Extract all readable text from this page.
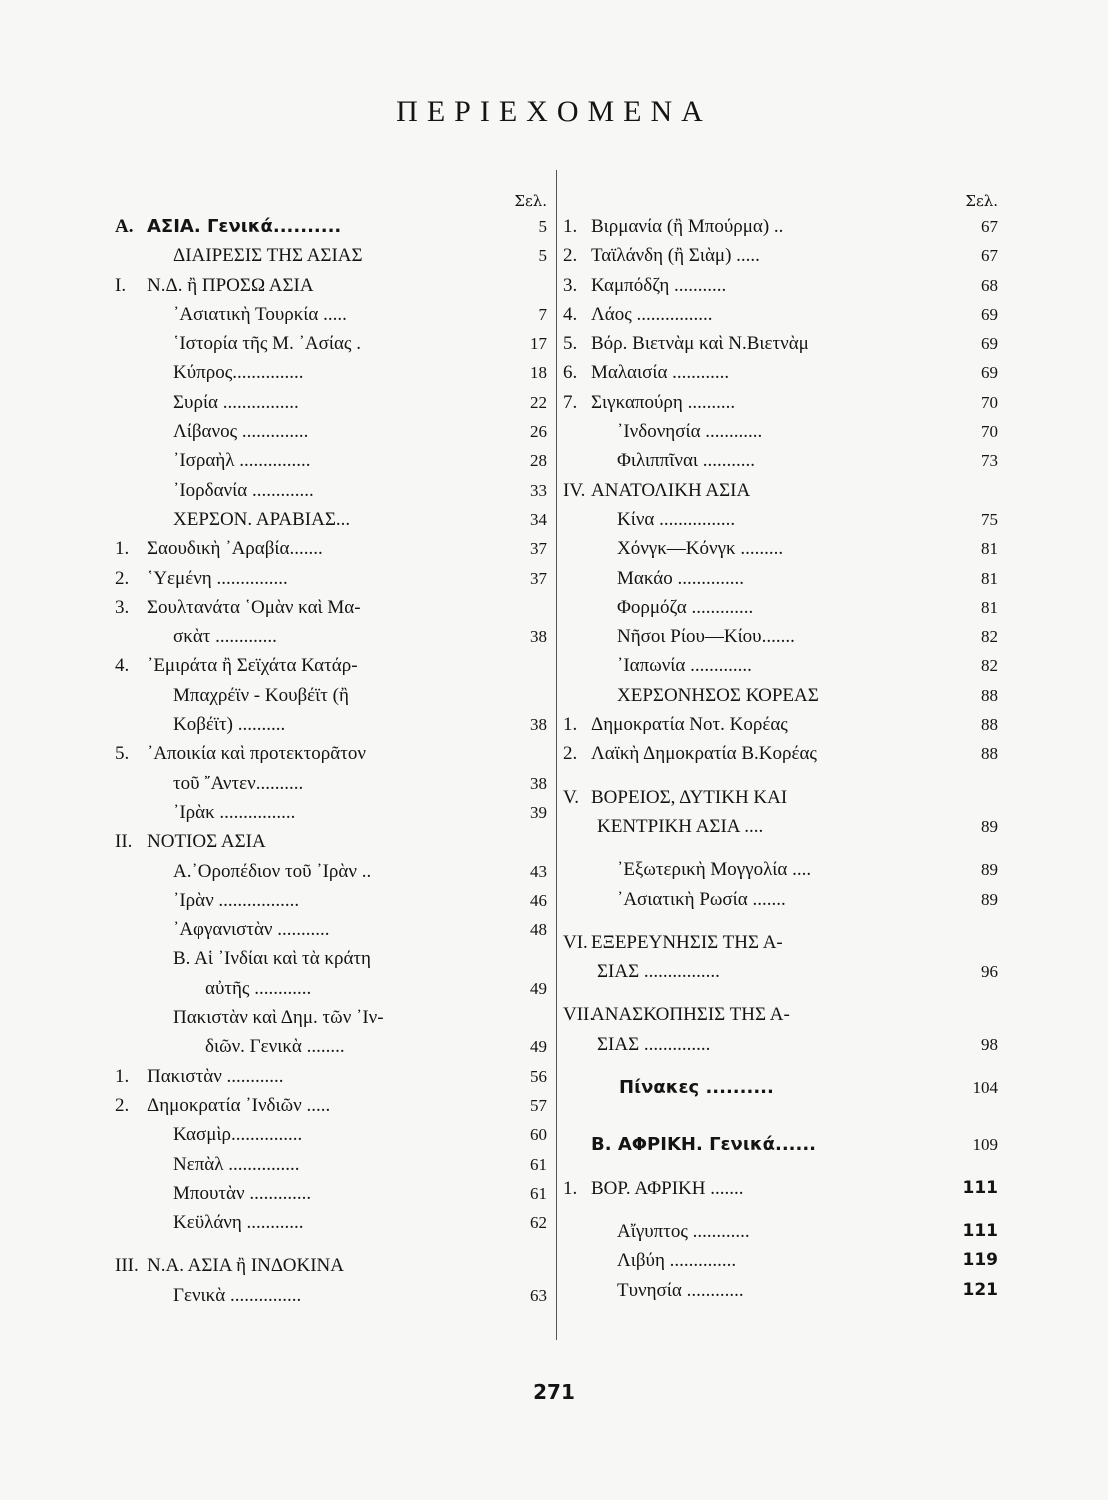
ΠΕΡΙΕΧΟΜΕΝΑ
Σελ.
Α. ΑΣΙΑ. Γενικά..........	5
ΔΙΑΙΡΕΣΙΣ ΤΗΣ ΑΣΙΑΣ	5
Ι.	Ν.Δ. ἢ ΠΡΟΣΩ ΑΣΙΑ
᾿Ασιατικὴ Τουρκία .....	7
῾Ιστορία τῆς Μ. ᾿Ασίας .	17
Κύπρος...............	18
Συρία ................	22
Λίβανος ..............	26
᾿Ισραὴλ ...............	28
᾿Ιορδανία .............	33
ΧΕΡΣΟΝ. ΑΡΑΒΙΑΣ...	34
1. Σαουδικὴ ᾿Αραβία.......	37
2. ῾Υεμένη ...............	37
3. Σουλτανάτα ῾Ομὰν καὶ Μα-
σκὰτ .............	38
4. ᾿Εμιράτα ἢ Σεϊχάτα Κατάρ-
Μπαχρέϊν - Κουβέϊτ (ἢ
Κοβέϊτ) ..........	38
5. ᾿Αποικία καὶ προτεκτορᾶτον
τοῦ ῎Αντεν..........	38
᾿Ιρὰκ ................	39
ΙΙ. ΝΟΤΙΟΣ ΑΣΙΑ
Α.᾿Οροπέδιον τοῦ ᾿Ιρὰν ..	43
᾿Ιρὰν .................	46
᾿Αφγανιστὰν ...........	48
Β. Αἱ ᾿Ινδίαι καὶ τὰ κράτη
αὐτῆς ............	49
Πακιστὰν καὶ Δημ. τῶν ᾿Ιν-
διῶν. Γενικὰ ........	49
1. Πακιστὰν ............	56
2. Δημοκρατία ᾿Ινδιῶν .....	57
Κασμὶρ...............	60
Νεπὰλ ...............	61
Μπουτὰν .............	61
Κεϋλάνη ............	62
ΙΙΙ. Ν.Α. ΑΣΙΑ ἢ ΙΝΔΟΚΙΝΑ
Γενικὰ ...............	63
Σελ.
1. Βιρμανία (ἢ Μπούρμα) ..	67
2. Ταϊλάνδη (ἢ Σιὰμ) .....	67
3. Καμπόδζη ...........	68
4. Λάος ................	69
5. Βόρ. Βιετνὰμ καὶ Ν.Βιετνὰμ	69
6. Μαλαισία ............	69
7. Σιγκαπούρη ..........	70
᾿Ινδονησία ............	70
Φιλιππῖναι ...........	73
IV. ΑΝΑΤΟΛΙΚΗ ΑΣΙΑ
Κίνα ................	75
Χόνγκ—Κόνγκ .........	81
Μακάο ..............	81
Φορμόζα .............	81
Νῆσοι Ρίου—Κίου.......	82
᾿Ιαπωνία .............	82
ΧΕΡΣΟΝΗΣΟΣ ΚΟΡΕΑΣ	88
1. Δημοκρατία Νοτ. Κορέας	88
2. Λαϊκὴ Δημοκρατία Β.Κορέας	88
V. ΒΟΡΕΙΟΣ, ΔΥΤΙΚΗ ΚΑΙ
ΚΕΝΤΡΙΚΗ ΑΣΙΑ ....	89
᾿Εξωτερικὴ Μογγολία ....	89
᾿Ασιατικὴ Ρωσία .......	89
VI. ΕΞΕΡΕΥΝΗΣΙΣ ΤΗΣ Α-
ΣΙΑΣ ................	96
VII.
ΑΝΑΣΚΟΠΗΣΙΣ ΤΗΣ Α-
ΣΙΑΣ ..............	98
Πίνακες ..........	104
Β. ΑΦΡΙΚΗ. Γενικά......	109
1. ΒΟΡ. ΑΦΡΙΚΗ .......	111
Αἴγυπτος ............	111
Λιβύη ..............	119
Τυνησία ............	121
271
